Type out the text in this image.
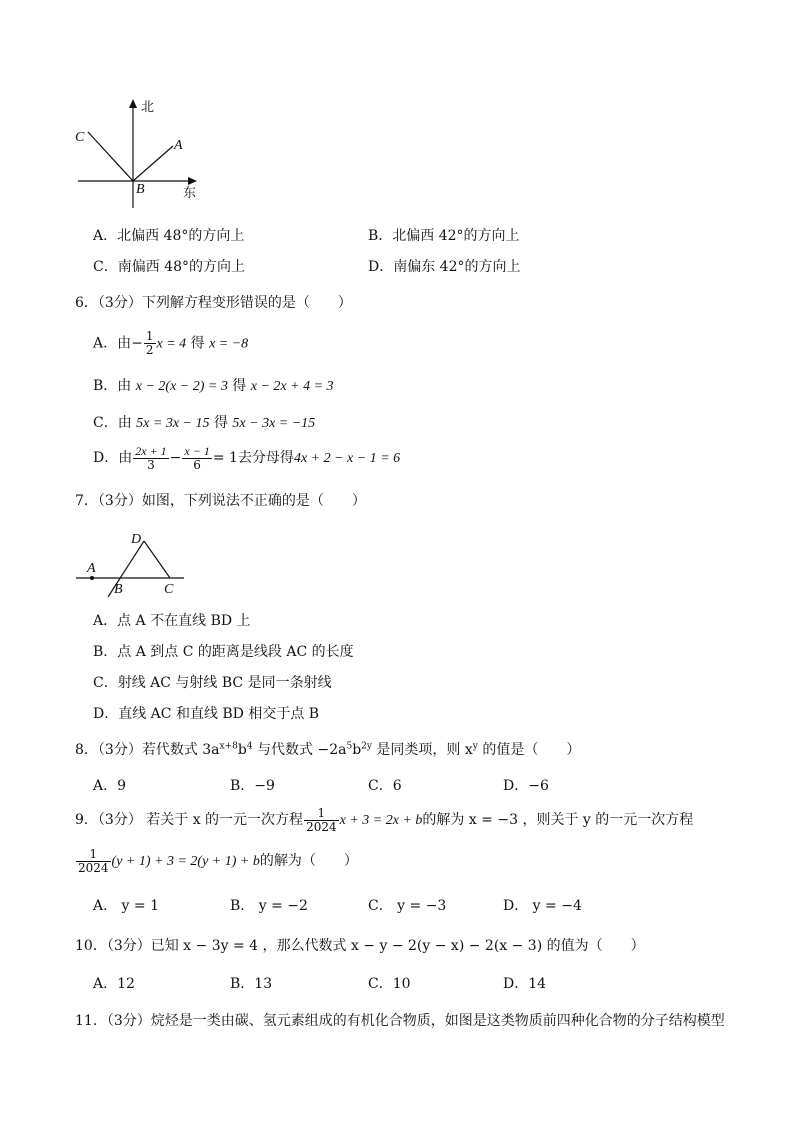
北
东
A
B
C
A．北偏西 48°的方向上	B．北偏西 42°的方向上
C．南偏西 48°的方向上	D．南偏东 42°的方向上
6．（3分）下列解方程变形错误的是（　　）
A．由− $\frac{1}{2}$ x = 4 得 x = −8
B．由 x − 2(x − 2) = 3 得 x − 2x + 4 = 3
C．由 5x = 3x − 15 得 5x − 3x = −15
D．由 $\frac{2x + 1}{3} - \frac{x - 1}{6} = 1$去分母得4x + 2 − x − 1 = 6
7．（3分）如图，下列说法不正确的是（　　）
A
B	C
D
A．点 A 不在直线 BD 上
B．点 A 到点 C 的距离是线段 AC 的长度
C．射线 AC 与射线 BC 是同一条射线
D．直线 AC 和直线 BD 相交于点 B
8．（3分）若代数式 $3a^{x+8}b^4$ 与代数式 $-2a^5b^{2y}$ 是同类项，则 $x^y$ 的值是（　　）
A．9	B．−9	C．6	D．−6
9．（3分） 若关于 x 的一元一次方程 $\frac{1}{2024}$ x + 3 = 2x + b的解为 x = −3 ，则关于 y 的一元一次方程
$\frac{1}{2024} (y + 1) + 3 = 2(y + 1) + b$的解为（　　）
A． y = 1	B． y = −2	C． y = −3	D． y = −4
10．（3分）已知 x − 3y = 4 ，那么代数式 x − y − 2(y − x) − 2(x − 3) 的值为（　　）
A．12	B．13	C．10	D．14
11．（3分）烷烃是一类由碳、氢元素组成的有机化合物质，如图是这类物质前四种化合物的分子结构模型
